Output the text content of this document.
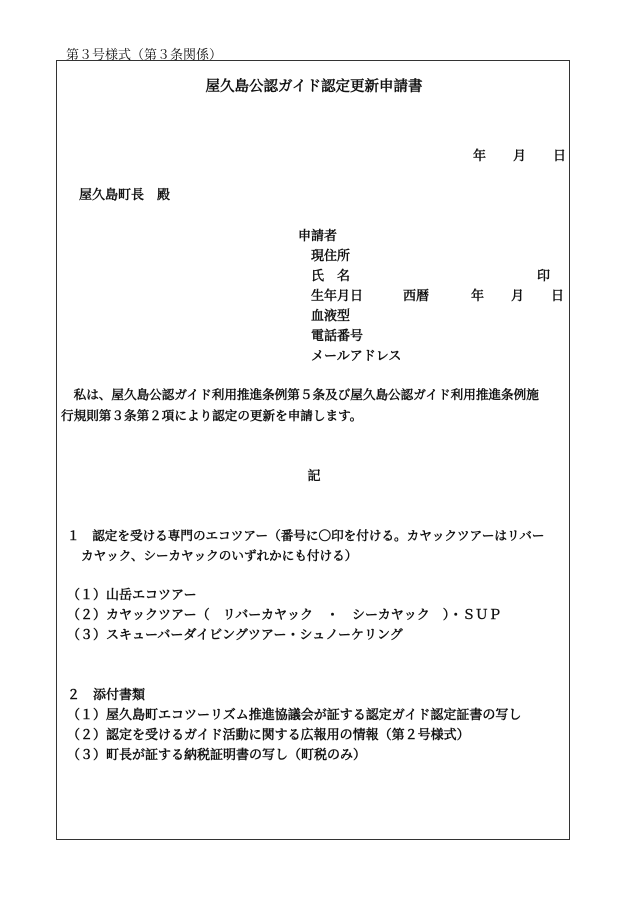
第３号様式（第３条関係）
屋久島公認ガイド認定更新申請書
年 月 日
屋久島町長　殿
申請者
現住所
氏　名	印
生年月日	西暦	年 月 日
血液型
電話番号
メールアドレス
　私は、屋久島公認ガイド利用推進条例第５条及び屋久島公認ガイド利用推進条例施
行規則第３条第２項により認定の更新を申請します。
記
１　認定を受ける専門のエコツアー（番号に〇印を付ける。カヤックツアーはリバー
カヤック、シーカヤックのいずれかにも付ける）
（１）山岳エコツアー
（２）カヤックツアー（　リバーカヤック　・　シーカヤック　）・ＳＵＰ
（３）スキューバーダイビングツアー・シュノーケリング
２　添付書類
（１）屋久島町エコツーリズム推進協議会が証する認定ガイド認定証書の写し
（２）認定を受けるガイド活動に関する広報用の情報（第２号様式）
（３）町長が証する納税証明書の写し（町税のみ）
